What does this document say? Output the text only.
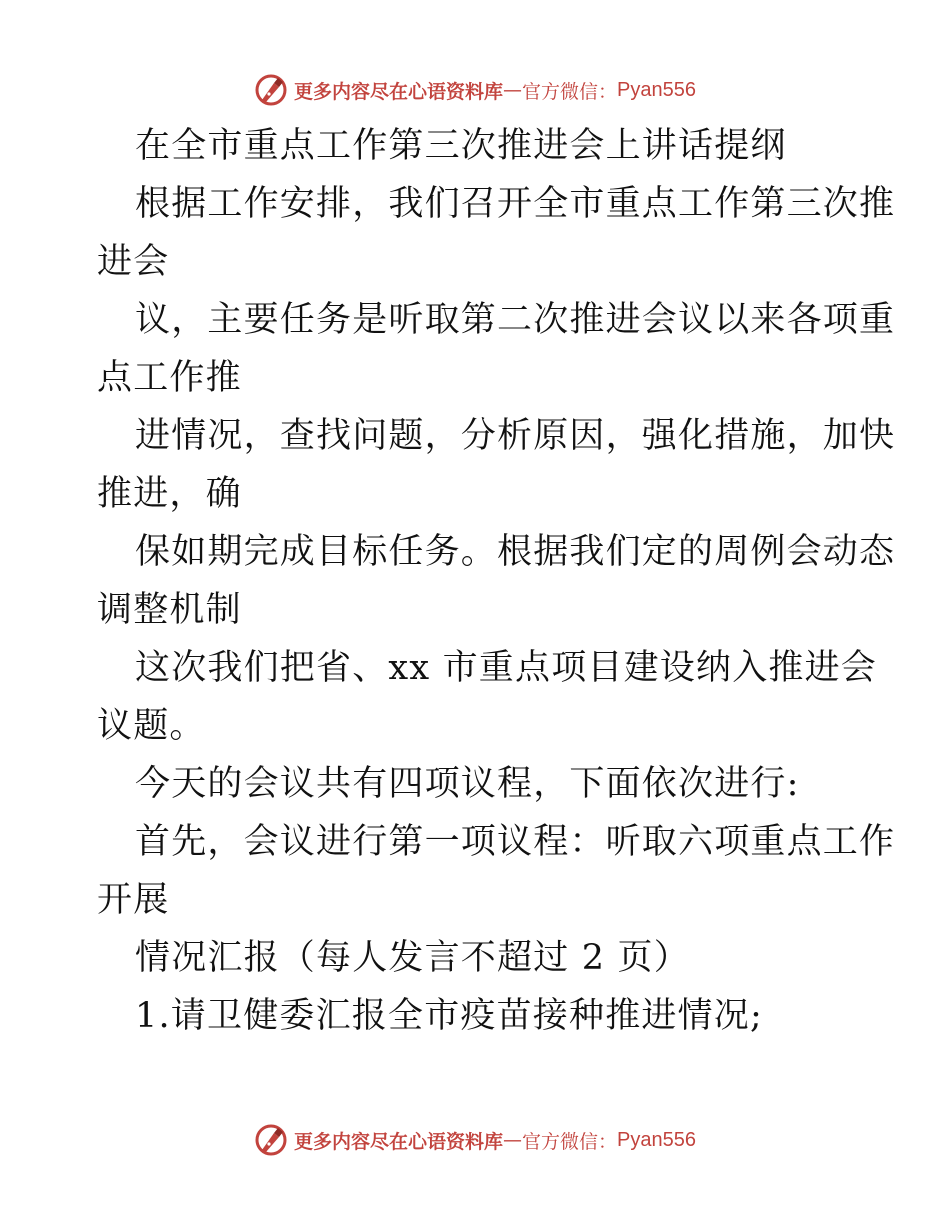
更多内容尽在心语资料库 — 官方微信： Pyan556
在全市重点工作第三次推进会上讲话提纲
根据工作安排，我们召开全市重点工作第三次推
进会
议，主要任务是听取第二次推进会议以来各项重
点工作推
进情况，查找问题，分析原因，强化措施，加快
推进，确
保如期完成目标任务。根据我们定的周例会动态
调整机制
这次我们把省、xx 市重点项目建设纳入推进会
议题。
今天的会议共有四项议程，下面依次进行:
首先，会议进行第一项议程：听取六项重点工作
开展
情况汇报（每人发言不超过 2 页）
1.请卫健委汇报全市疫苗接种推进情况;
更多内容尽在心语资料库 — 官方微信： Pyan556
